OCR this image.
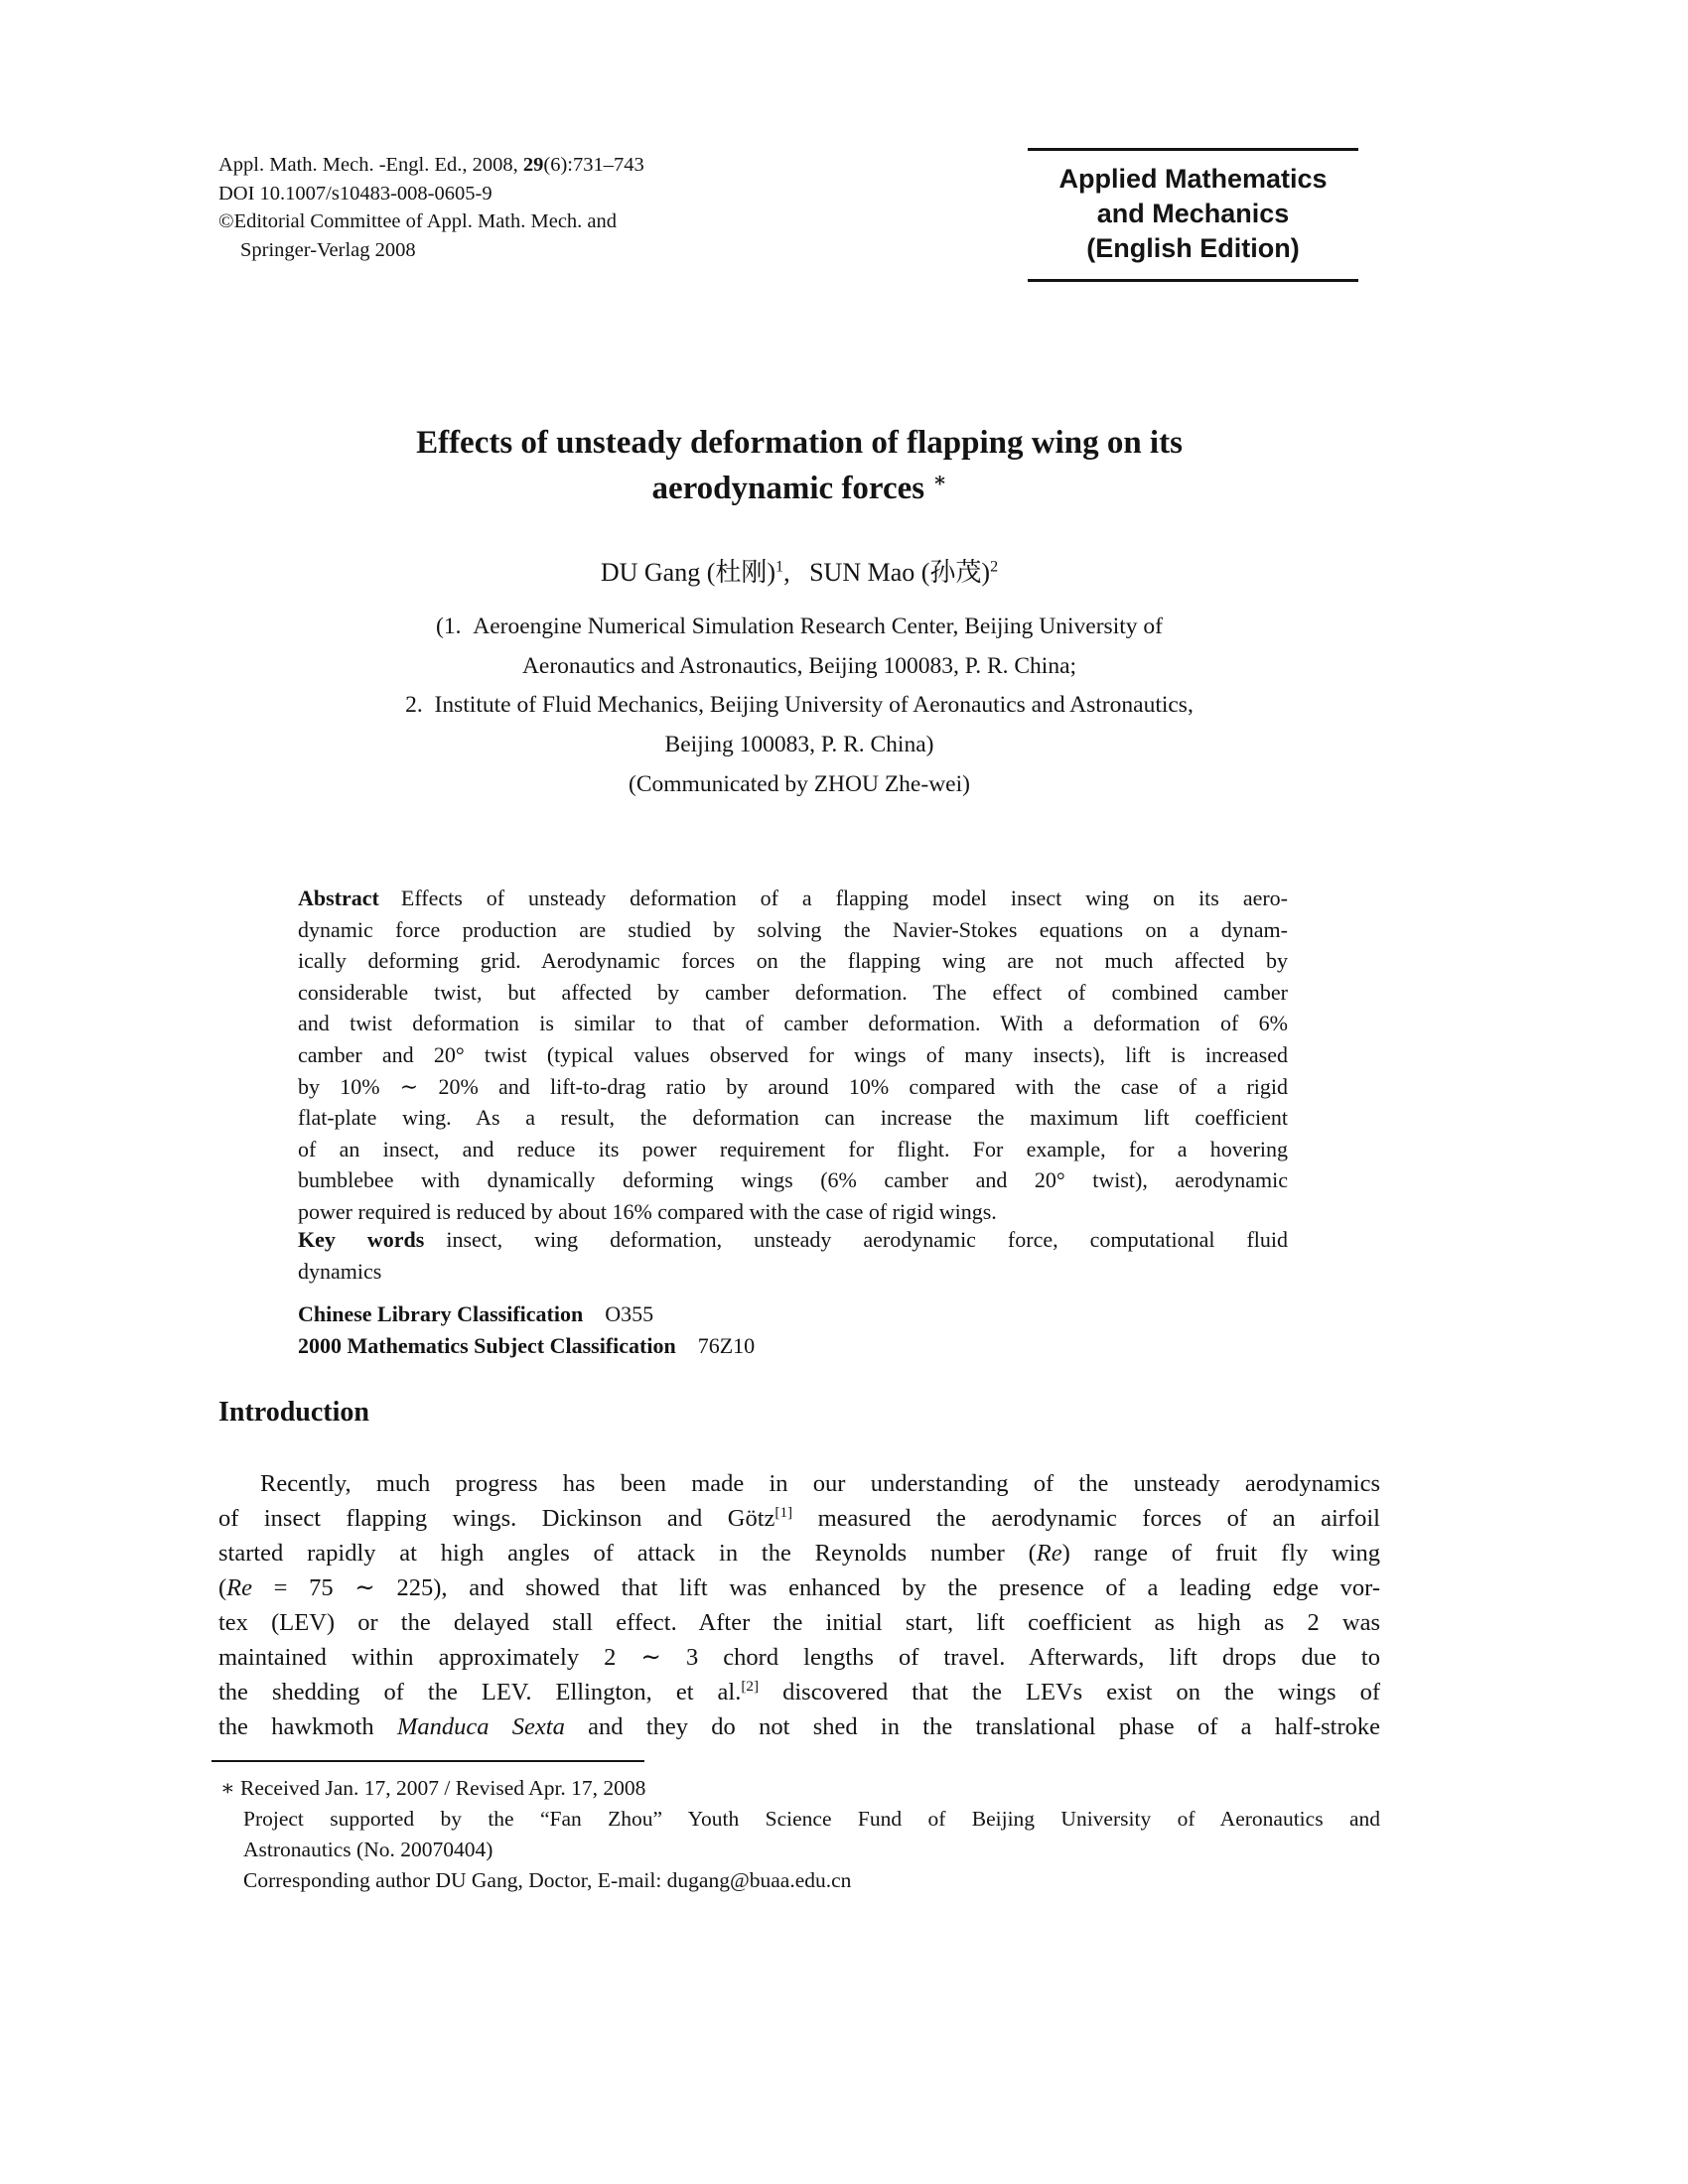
Appl. Math. Mech. -Engl. Ed., 2008, 29(6):731–743
DOI 10.1007/s10483-008-0605-9
©Editorial Committee of Appl. Math. Mech. and
Springer-Verlag 2008
Applied Mathematics
and Mechanics
(English Edition)
Effects of unsteady deformation of flapping wing on its
aerodynamic forces ∗
DU Gang (杜刚)$^1$,  SUN Mao (孙茂)$^2$
(1. Aeroengine Numerical Simulation Research Center, Beijing University of
Aeronautics and Astronautics, Beijing 100083, P. R. China;
2. Institute of Fluid Mechanics, Beijing University of Aeronautics and Astronautics,
Beijing 100083, P. R. China)
(Communicated by ZHOU Zhe-wei)
Abstract Effects of unsteady deformation of a flapping model insect wing on its aero-
dynamic force production are studied by solving the Navier-Stokes equations on a dynam-
ically deforming grid. Aerodynamic forces on the flapping wing are not much affected by
considerable twist, but affected by camber deformation. The effect of combined camber
and twist deformation is similar to that of camber deformation. With a deformation of 6%
camber and 20° twist (typical values observed for wings of many insects), lift is increased
by 10% ∼ 20% and lift-to-drag ratio by around 10% compared with the case of a rigid
flat-plate wing. As a result, the deformation can increase the maximum lift coefficient
of an insect, and reduce its power requirement for flight. For example, for a hovering
bumblebee with dynamically deforming wings (6% camber and 20° twist), aerodynamic
power required is reduced by about 16% compared with the case of rigid wings.
Key words insect, wing deformation, unsteady aerodynamic force, computational fluid
dynamics
Chinese Library Classification O355
2000 Mathematics Subject Classification 76Z10
Introduction
Recently, much progress has been made in our understanding of the unsteady aerodynamics
of insect flapping wings. Dickinson and Götz[1] measured the aerodynamic forces of an airfoil
started rapidly at high angles of attack in the Reynolds number (Re) range of fruit fly wing
(Re = 75 ∼ 225), and showed that lift was enhanced by the presence of a leading edge vor-
tex (LEV) or the delayed stall effect. After the initial start, lift coefficient as high as 2 was
maintained within approximately 2 ∼ 3 chord lengths of travel. Afterwards, lift drops due to
the shedding of the LEV. Ellington, et al.[2] discovered that the LEVs exist on the wings of
the hawkmoth Manduca Sexta and they do not shed in the translational phase of a half-stroke
∗ Received Jan. 17, 2007 / Revised Apr. 17, 2008
Project supported by the “Fan Zhou” Youth Science Fund of Beijing University of Aeronautics and
Astronautics (No. 20070404)
Corresponding author DU Gang, Doctor, E-mail: dugang@buaa.edu.cn
